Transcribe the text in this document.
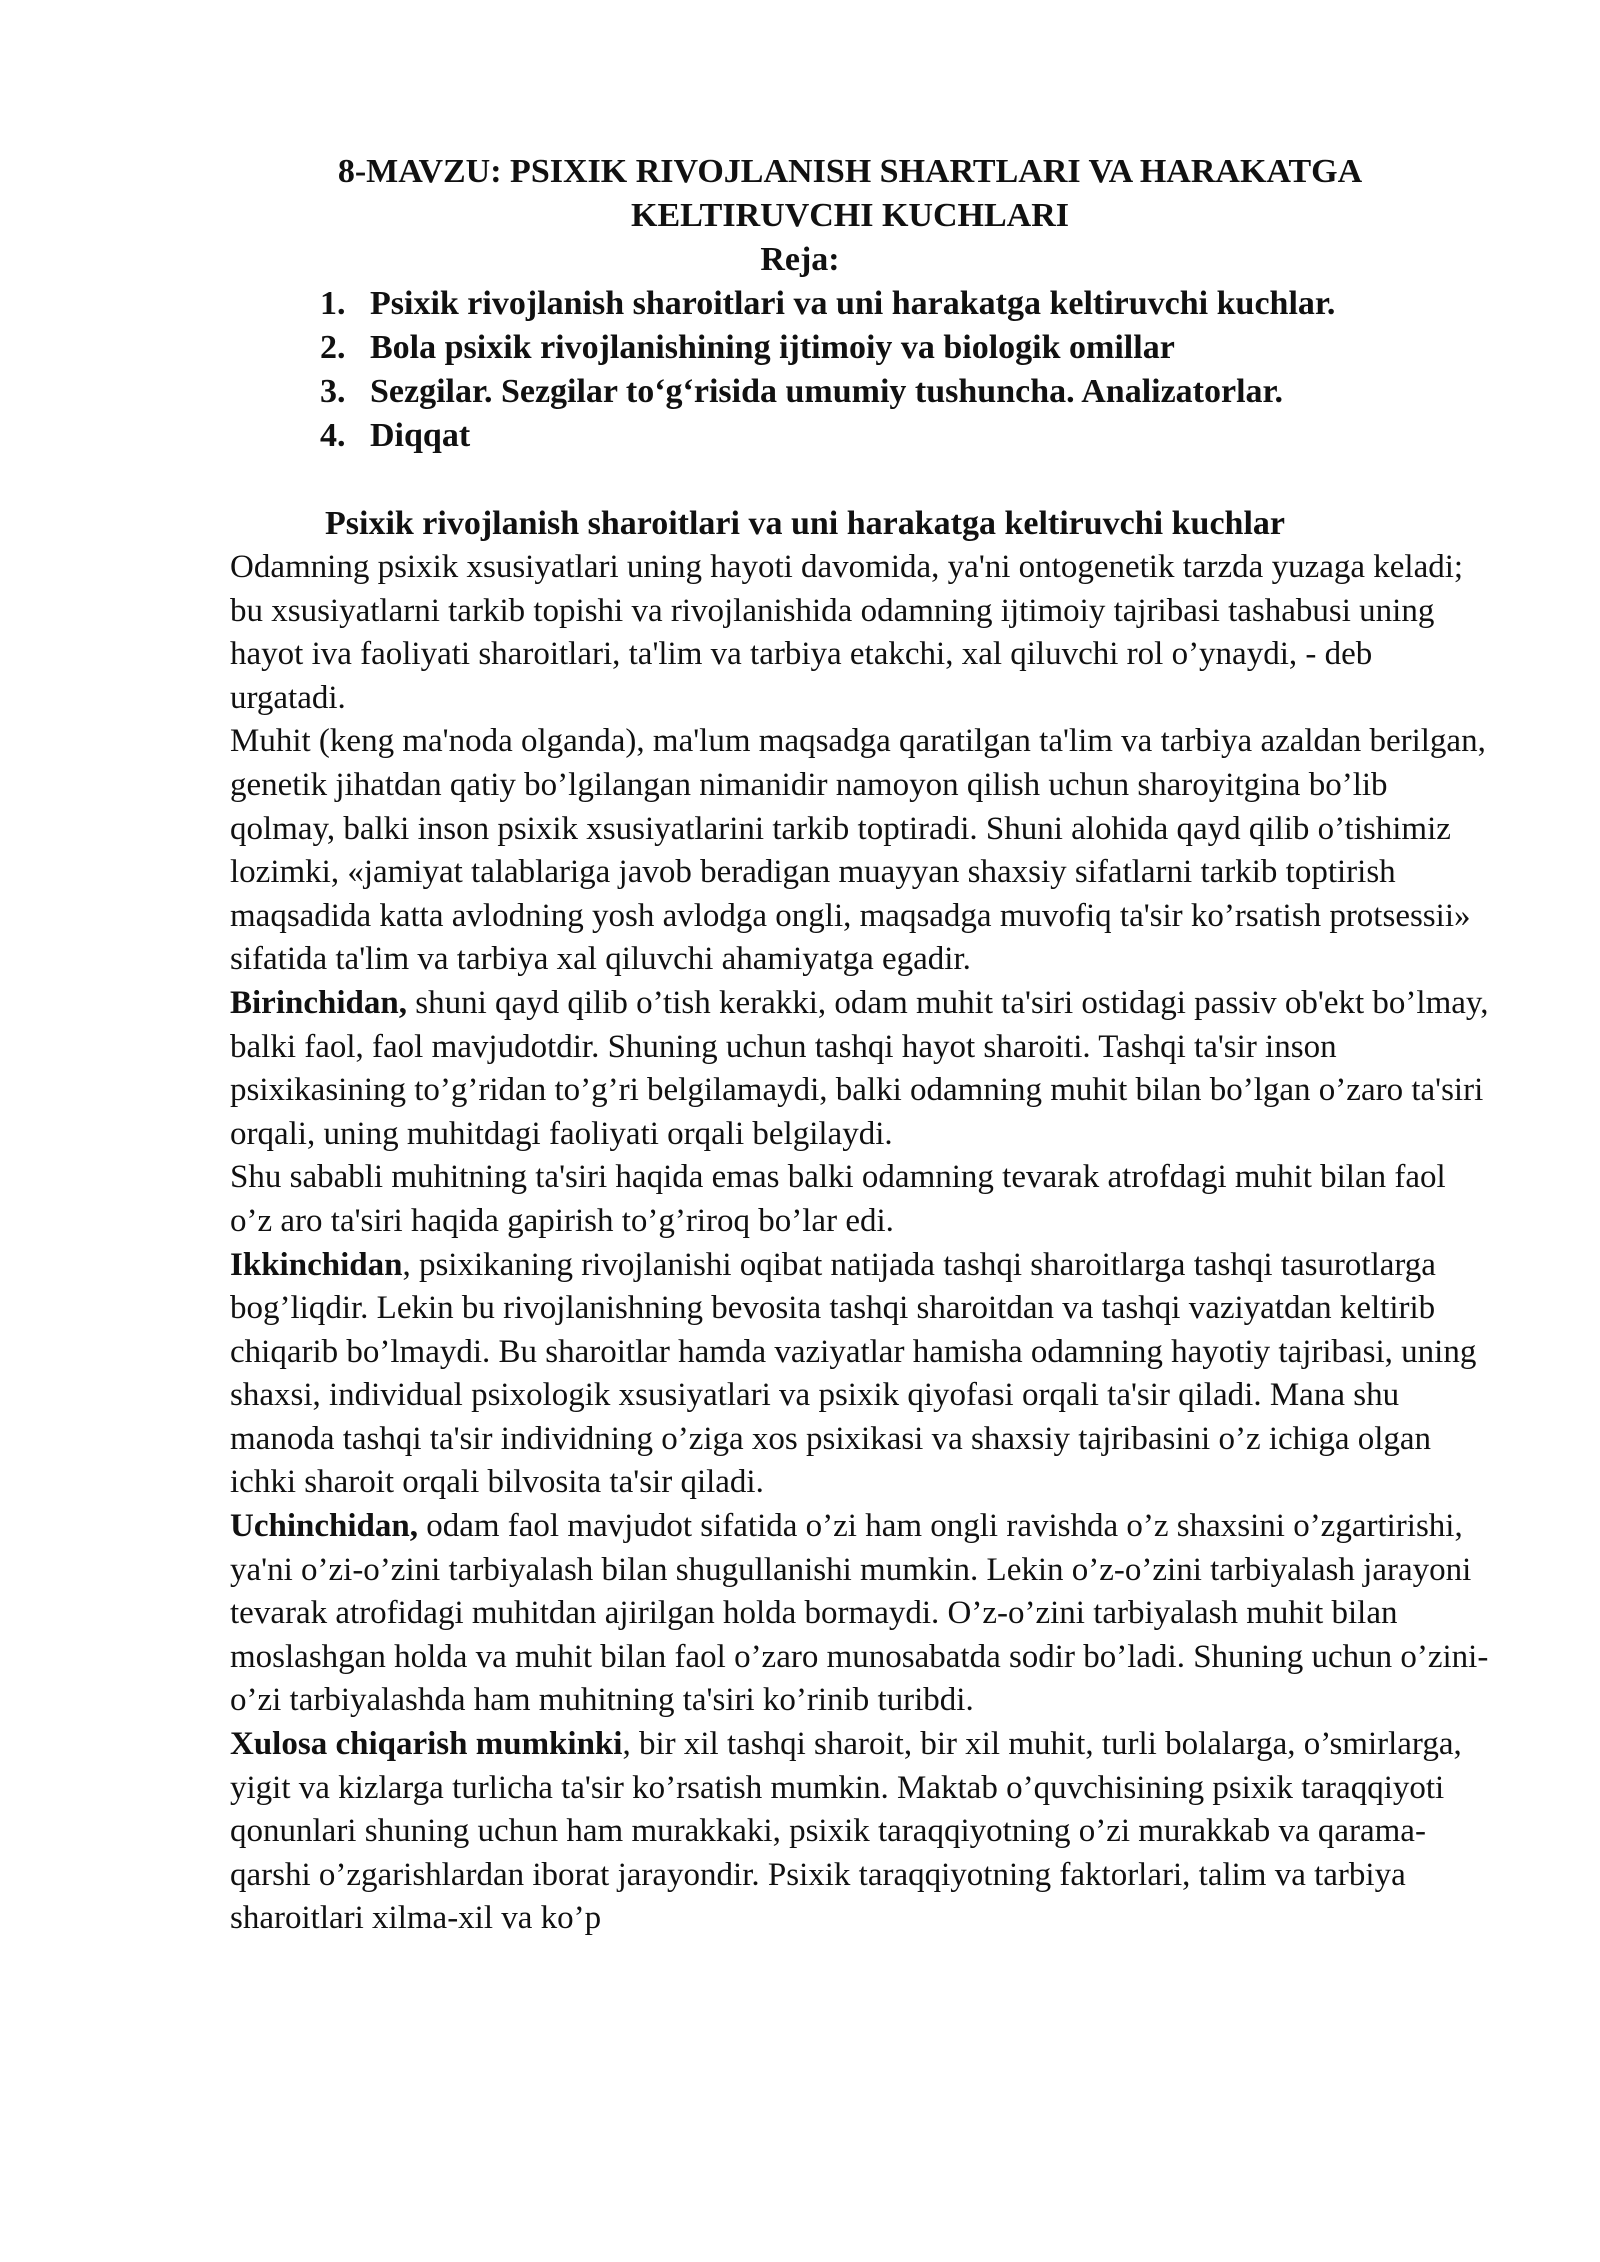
8-MAVZU: PSIXIK RIVOJLANISH SHARTLARI VA HARAKATGA KELTIRUVCHI KUCHLARI
Reja:
1. Psixik rivojlanish sharoitlari va uni harakatga keltiruvchi kuchlar.
2. Bola psixik rivojlanishining ijtimoiy va biologik omillar
3. Sezgilar. Sezgilar to‘g‘risida umumiy tushuncha. Analizatorlar.
4. Diqqat
Psixik rivojlanish sharoitlari va uni harakatga keltiruvchi kuchlar

Odamning psixik xsusiyatlari uning hayoti davomida, ya'ni ontogenetik tarzda yuzaga keladi; bu xsusiyatlarni tarkib topishi va rivojlanishida odamning ijtimoiy tajribasi tashabusi uning hayot iva faoliyati sharoitlari, ta'lim va tarbiya etakchi, xal qiluvchi rol o’ynaydi, - deb urgatadi.

Muhit (keng ma'noda olganda), ma'lum maqsadga qaratilgan ta'lim va tarbiya azaldan berilgan, genetik jihatdan qatiy bo’lgilangan nimanidir namoyon qilish uchun sharoyitgina bo’lib qolmay, balki inson psixik xsusiyatlarini tarkib toptiradi. Shuni alohida qayd qilib o’tishimiz lozimki, «jamiyat talablariga javob beradigan muayyan shaxsiy sifatlarni tarkib toptirish maqsadida katta avlodning yosh avlodga ongli, maqsadga muvofiq ta'sir ko’rsatish protsessii» sifatida ta'lim va tarbiya xal qiluvchi ahamiyatga egadir.

Birinchidan, shuni qayd qilib o’tish kerakki, odam muhit ta'siri ostidagi passiv ob'ekt bo’lmay, balki faol, faol mavjudotdir. Shuning uchun tashqi hayot sharoiti. Tashqi ta'sir inson psixikasining to’g’ridan to’g’ri belgilamaydi, balki odamning muhit bilan bo’lgan o’zaro ta'siri orqali, uning muhitdagi faoliyati orqali belgilaydi.

Shu sababli muhitning ta'siri haqida emas balki odamning tevarak atrofdagi muhit bilan faol o’z aro ta'siri haqida gapirish to’g’riroq bo’lar edi.

Ikkinchidan, psixikaning rivojlanishi oqibat natijada tashqi sharoitlarga tashqi tasurotlarga bog’liqdir. Lekin bu rivojlanishning bevosita tashqi sharoitdan va tashqi vaziyatdan keltirib chiqarib bo’lmaydi. Bu sharoitlar hamda vaziyatlar hamisha odamning hayotiy tajribasi, uning shaxsi, individual psixologik xsusiyatlari va psixik qiyofasi orqali ta'sir qiladi. Mana shu manoda tashqi ta'sir individning o’ziga xos psixikasi va shaxsiy tajribasini o’z ichiga olgan ichki sharoit orqali bilvosita ta'sir qiladi.

Uchinchidan, odam faol mavjudot sifatida o’zi ham ongli ravishda o’z shaxsini o’zgartirishi, ya'ni o’zi-o’zini tarbiyalash bilan shugullanishi mumkin. Lekin o’z-o’zini tarbiyalash jarayoni tevarak atrofidagi muhitdan ajirilgan holda bormaydi. O’z-o’zini tarbiyalash muhit bilan moslashgan holda va muhit bilan faol o’zaro munosabatda sodir bo’ladi. Shuning uchun o’zini-o’zi tarbiyalashda ham muhitning ta'siri ko’rinib turibdi.

Xulosa chiqarish mumkinki, bir xil tashqi sharoit, bir xil muhit, turli bolalarga, o’smirlarga, yigit va kizlarga turlicha ta'sir ko’rsatish mumkin. Maktab o’quvchisining psixik taraqqiyoti qonunlari shuning uchun ham murakkaki, psixik taraqqiyotning o’zi murakkab va qarama-qarshi o’zgarishlardan iborat jarayondir. Psixik taraqqiyotning faktorlari, talim va tarbiya sharoitlari xilma-xil va ko’p
